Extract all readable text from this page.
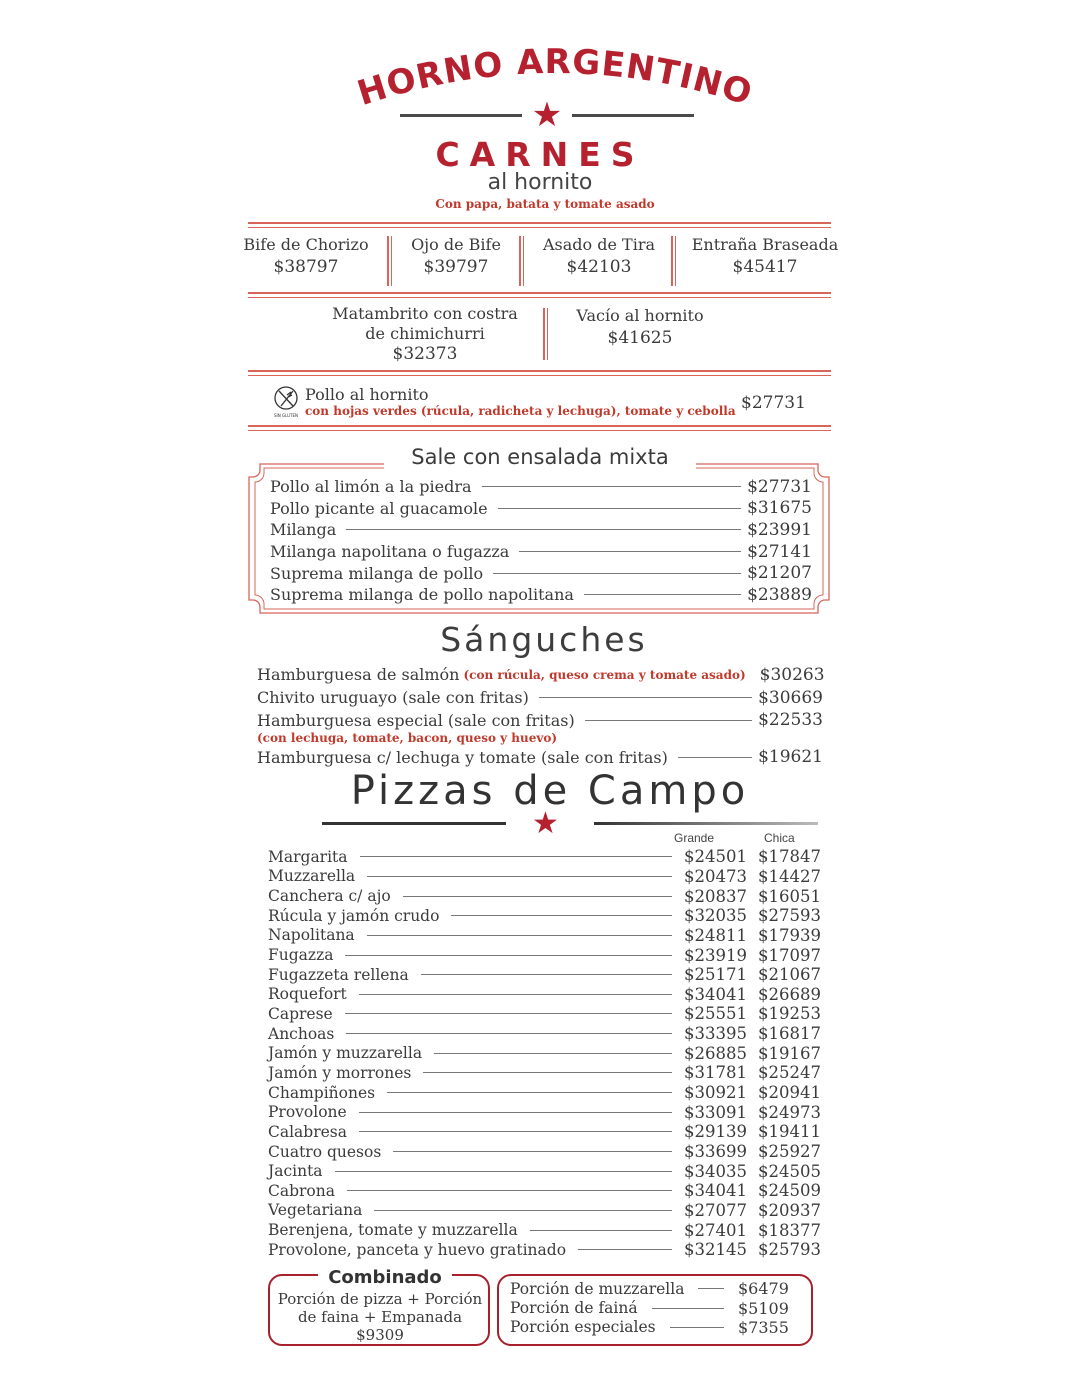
HORNO ARGENTINO
★
CARNES
al hornito
Con papa, batata y tomate asado
Bife de Chorizo
$38797
Ojo de Bife
$39797
Asado de Tira
$42103
Entraña Braseada
$45417
Matambrito con costra
de chimichurri
$32373
Vacío al hornito
$41625
SIN GLUTEN
Pollo al hornito
con hojas verdes (rúcula, radicheta y lechuga), tomate y cebolla $27731
Sale con ensalada mixta
Pollo al limón a la piedra	$27731
Pollo picante al guacamole	$31675
Milanga	$23991
Milanga napolitana o fugazza	$27141
Suprema milanga de pollo	$21207
Suprema milanga de pollo napolitana	$23889
Sánguches
Hamburguesa de salmón (con rúcula, queso crema y tomate asado) $30263
Chivito uruguayo (sale con fritas)	$30669
Hamburguesa especial (sale con fritas)	$22533
(con lechuga, tomate, bacon, queso y huevo)
Hamburguesa c/ lechuga y tomate (sale con fritas)	$19621
Pizzas de Campo
★	Grande	Chica
Margarita	$24501 $17847
Muzzarella	$20473 $14427
Canchera c/ ajo	$20837 $16051
Rúcula y jamón crudo	$32035 $27593
Napolitana	$24811 $17939
Fugazza	$23919 $17097
Fugazzeta rellena	$25171 $21067
Roquefort	$34041 $26689
Caprese	$25551 $19253
Anchoas	$33395 $16817
Jamón y muzzarella	$26885 $19167
Jamón y morrones	$31781 $25247
Champiñones	$30921 $20941
Provolone	$33091 $24973
Calabresa	$29139 $19411
Cuatro quesos	$33699 $25927
Jacinta	$34035 $24505
Cabrona	$34041 $24509
Vegetariana	$27077 $20937
Berenjena, tomate y muzzarella	$27401 $18377
Provolone, panceta y huevo gratinado	$32145 $25793
Combinado
Porción de pizza + Porción
de faina + Empanada
$9309
Porción de muzzarella	$6479
Porción de fainá	$5109
Porción especiales	$7355
